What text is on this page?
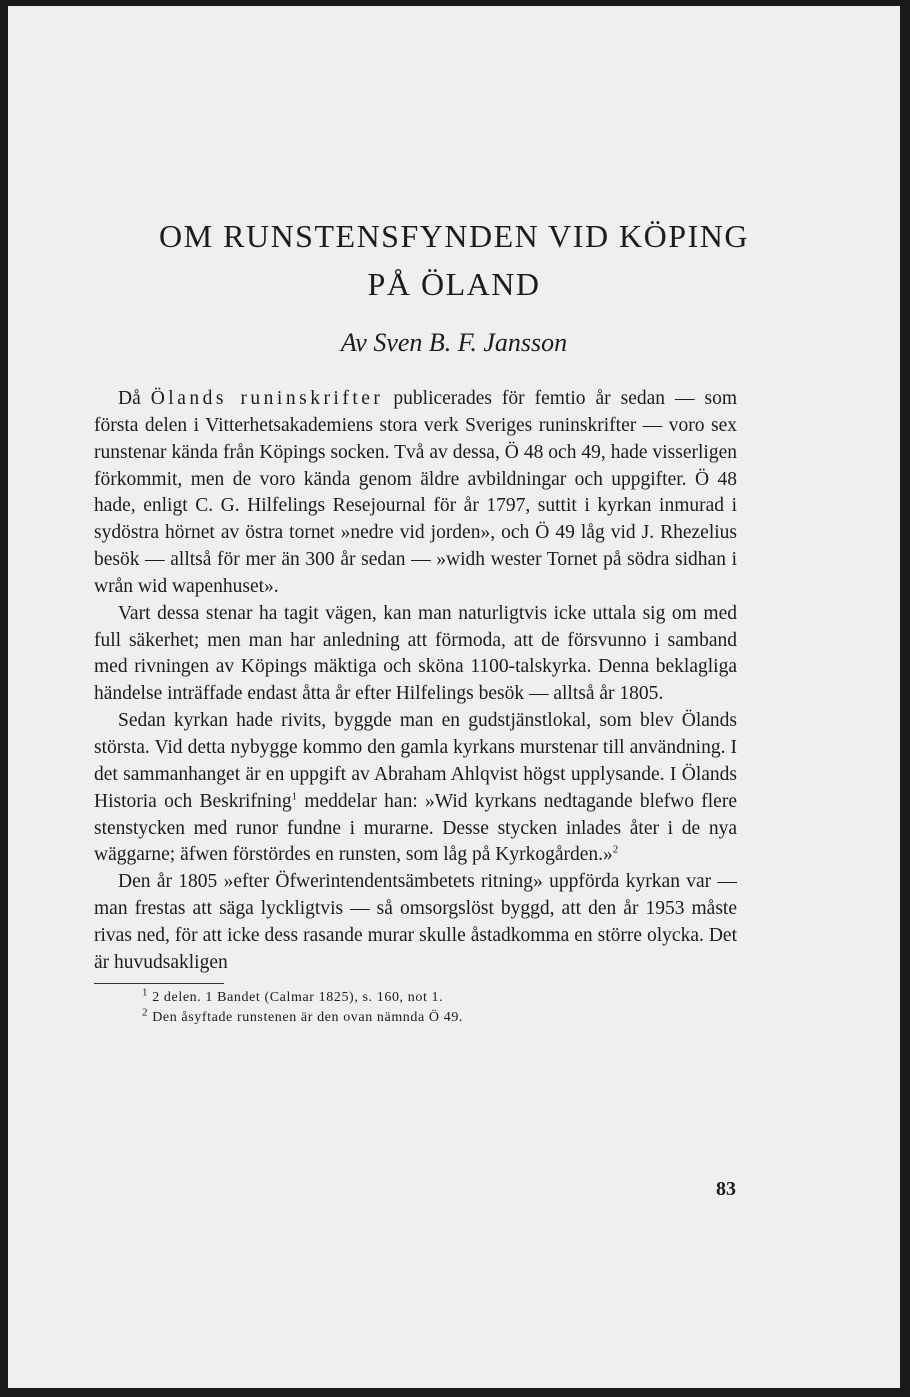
OM RUNSTENSFYNDEN VID KÖPING
PÅ ÖLAND

Av Sven B. F. Jansson

Då Ölands runinskrifter publicerades för femtio år sedan — som första delen i Vitterhetsakademiens stora verk Sveriges runinskrifter — voro sex runstenar kända från Köpings socken. Två av dessa, Ö 48 och 49, hade visserligen förkommit, men de voro kända genom äldre avbildningar och uppgifter. Ö 48 hade, enligt C. G. Hilfelings Resejournal för år 1797, suttit i kyrkan inmurad i sydöstra hörnet av östra tornet »nedre vid jorden», och Ö 49 låg vid J. Rhezelius besök — alltså för mer än 300 år sedan — »widh wester Tornet på södra sidhan i wrån wid wapenhuset».

Vart dessa stenar ha tagit vägen, kan man naturligtvis icke uttala sig om med full säkerhet; men man har anledning att förmoda, att de försvunno i samband med rivningen av Köpings mäktiga och sköna 1100-talskyrka. Denna beklagliga händelse inträffade endast åtta år efter Hilfelings besök — alltså år 1805.

Sedan kyrkan hade rivits, byggde man en gudstjänstlokal, som blev Ölands största. Vid detta nybygge kommo den gamla kyrkans murstenar till användning. I det sammanhanget är en uppgift av Abraham Ahlqvist högst upplysande. I Ölands Historia och Beskrifning$^1$ meddelar han: »Wid kyrkans nedtagande blefwo flere stenstycken med runor fundne i murarne. Desse stycken inlades åter i de nya wäggarne; äfwen förstördes en runsten, som låg på Kyrkogården.»$^2$

Den år 1805 »efter Öfwerintendentsämbetets ritning» uppförda kyrkan var — man frestas att säga lyckligtvis — så omsorgslöst byggd, att den år 1953 måste rivas ned, för att icke dess rasande murar skulle åstadkomma en större olycka. Det är huvudsakligen

$^1$ 2 delen. 1 Bandet (Calmar 1825), s. 160, not 1.

$^2$ Den åsyftade runstenen är den ovan nämnda Ö 49.

83
